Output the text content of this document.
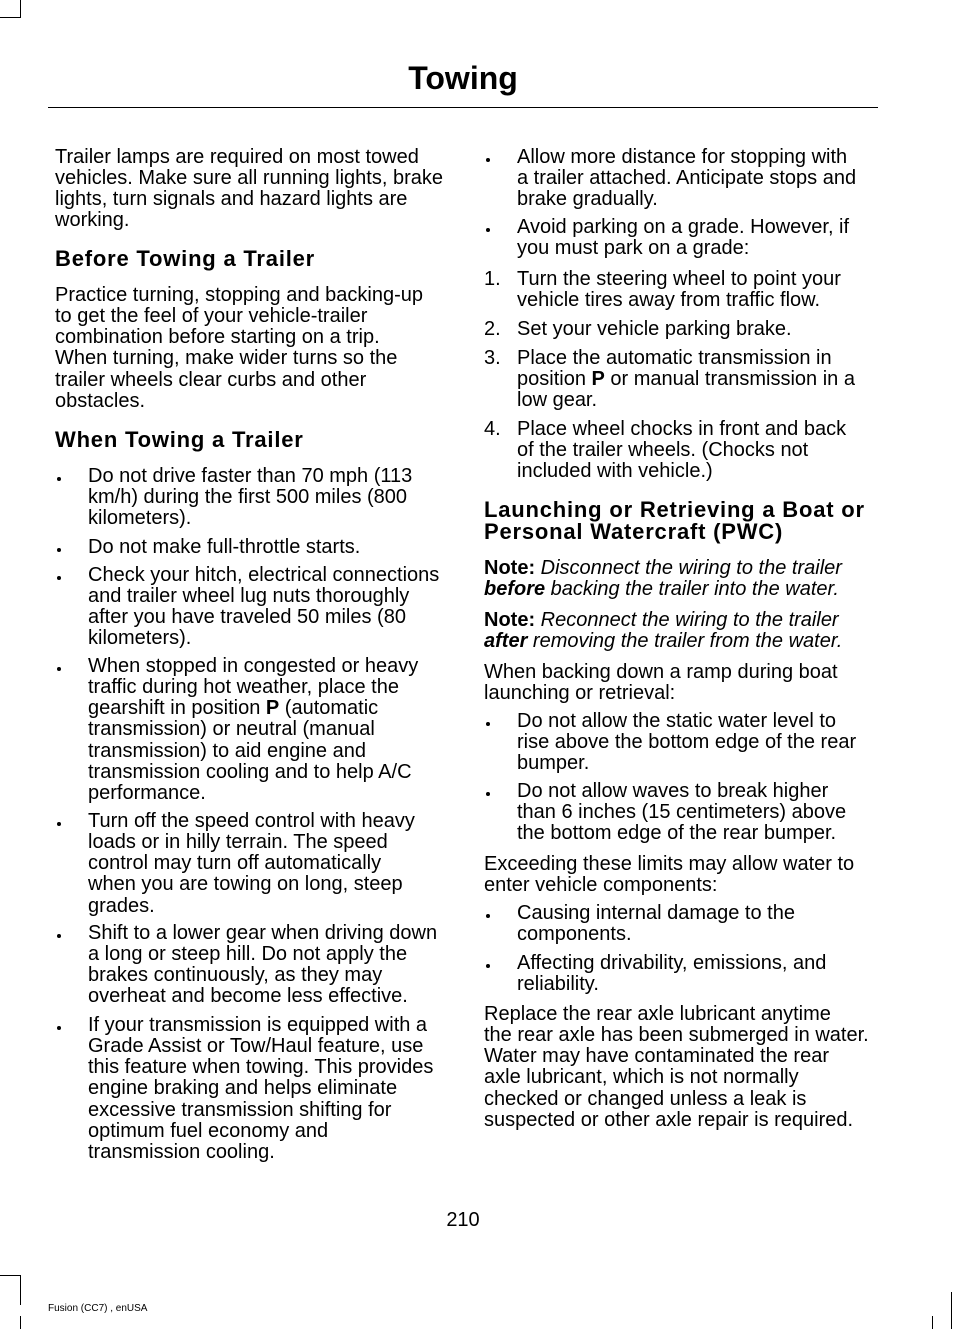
Towing

Trailer lamps are required on most towed
vehicles. Make sure all running lights, brake
lights, turn signals and hazard lights are
working.

Before Towing a Trailer

Practice turning, stopping and backing-up
to get the feel of your vehicle-trailer
combination before starting on a trip.
When turning, make wider turns so the
trailer wheels clear curbs and other
obstacles.

When Towing a Trailer
Do not drive faster than 70 mph (113
km/h) during the first 500 miles (800
kilometers).
Do not make full-throttle starts.
Check your hitch, electrical connections
and trailer wheel lug nuts thoroughly
after you have traveled 50 miles (80
kilometers).
When stopped in congested or heavy
traffic during hot weather, place the
gearshift in position P (automatic
transmission) or neutral (manual
transmission) to aid engine and
transmission cooling and to help A/C
performance.
Turn off the speed control with heavy
loads or in hilly terrain. The speed
control may turn off automatically
when you are towing on long, steep
grades.
Shift to a lower gear when driving down
a long or steep hill. Do not apply the
brakes continuously, as they may
overheat and become less effective.
If your transmission is equipped with a
Grade Assist or Tow/Haul feature, use
this feature when towing. This provides
engine braking and helps eliminate
excessive transmission shifting for
optimum fuel economy and
transmission cooling.
Allow more distance for stopping with
a trailer attached. Anticipate stops and
brake gradually.
Avoid parking on a grade. However, if
you must park on a grade:
1. Turn the steering wheel to point your
vehicle tires away from traffic flow.
2. Set your vehicle parking brake.
3. Place the automatic transmission in
position P or manual transmission in a
low gear.
4. Place wheel chocks in front and back
of the trailer wheels. (Chocks not
included with vehicle.)
Launching or Retrieving a Boat or
Personal Watercraft (PWC)

Note: Disconnect the wiring to the trailer
before backing the trailer into the water.

Note: Reconnect the wiring to the trailer
after removing the trailer from the water.

When backing down a ramp during boat
launching or retrieval:

Do not allow the static water level to
rise above the bottom edge of the rear
bumper.
Do not allow waves to break higher
than 6 inches (15 centimeters) above
the bottom edge of the rear bumper.

Exceeding these limits may allow water to
enter vehicle components:

Causing internal damage to the
components.
Affecting drivability, emissions, and
reliability.

Replace the rear axle lubricant anytime
the rear axle has been submerged in water.
Water may have contaminated the rear
axle lubricant, which is not normally
checked or changed unless a leak is
suspected or other axle repair is required.

210
Fusion (CC7) , enUSA
